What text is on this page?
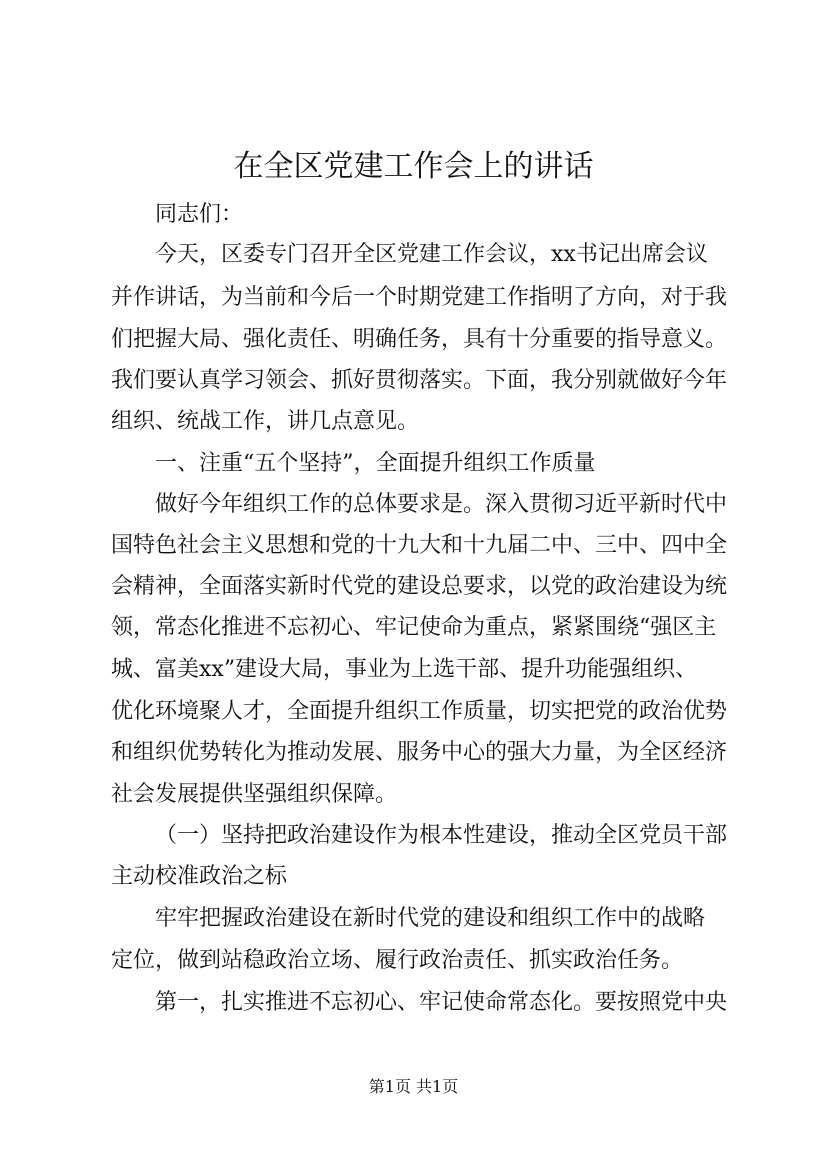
在全区党建工作会上的讲话

同志们：

今天，区委专门召开全区党建工作会议，xx书记出席会议

并作讲话，为当前和今后一个时期党建工作指明了方向，对于我

们把握大局、强化责任、明确任务，具有十分重要的指导意义。

我们要认真学习领会、抓好贯彻落实。下面，我分别就做好今年

组织、统战工作，讲几点意见。

一、注重“五个坚持”，全面提升组织工作质量

做好今年组织工作的总体要求是。深入贯彻习近平新时代中

国特色社会主义思想和党的十九大和十九届二中、三中、四中全

会精神，全面落实新时代党的建设总要求，以党的政治建设为统

领，常态化推进不忘初心、牢记使命为重点，紧紧围绕“强区主

城、富美xx”建设大局，事业为上选干部、提升功能强组织、

优化环境聚人才，全面提升组织工作质量，切实把党的政治优势

和组织优势转化为推动发展、服务中心的强大力量，为全区经济

社会发展提供坚强组织保障。

（一）坚持把政治建设作为根本性建设，推动全区党员干部

主动校准政治之标

牢牢把握政治建设在新时代党的建设和组织工作中的战略

定位，做到站稳政治立场、履行政治责任、抓实政治任务。

第一，扎实推进不忘初心、牢记使命常态化。要按照党中央

第1页 共1页
